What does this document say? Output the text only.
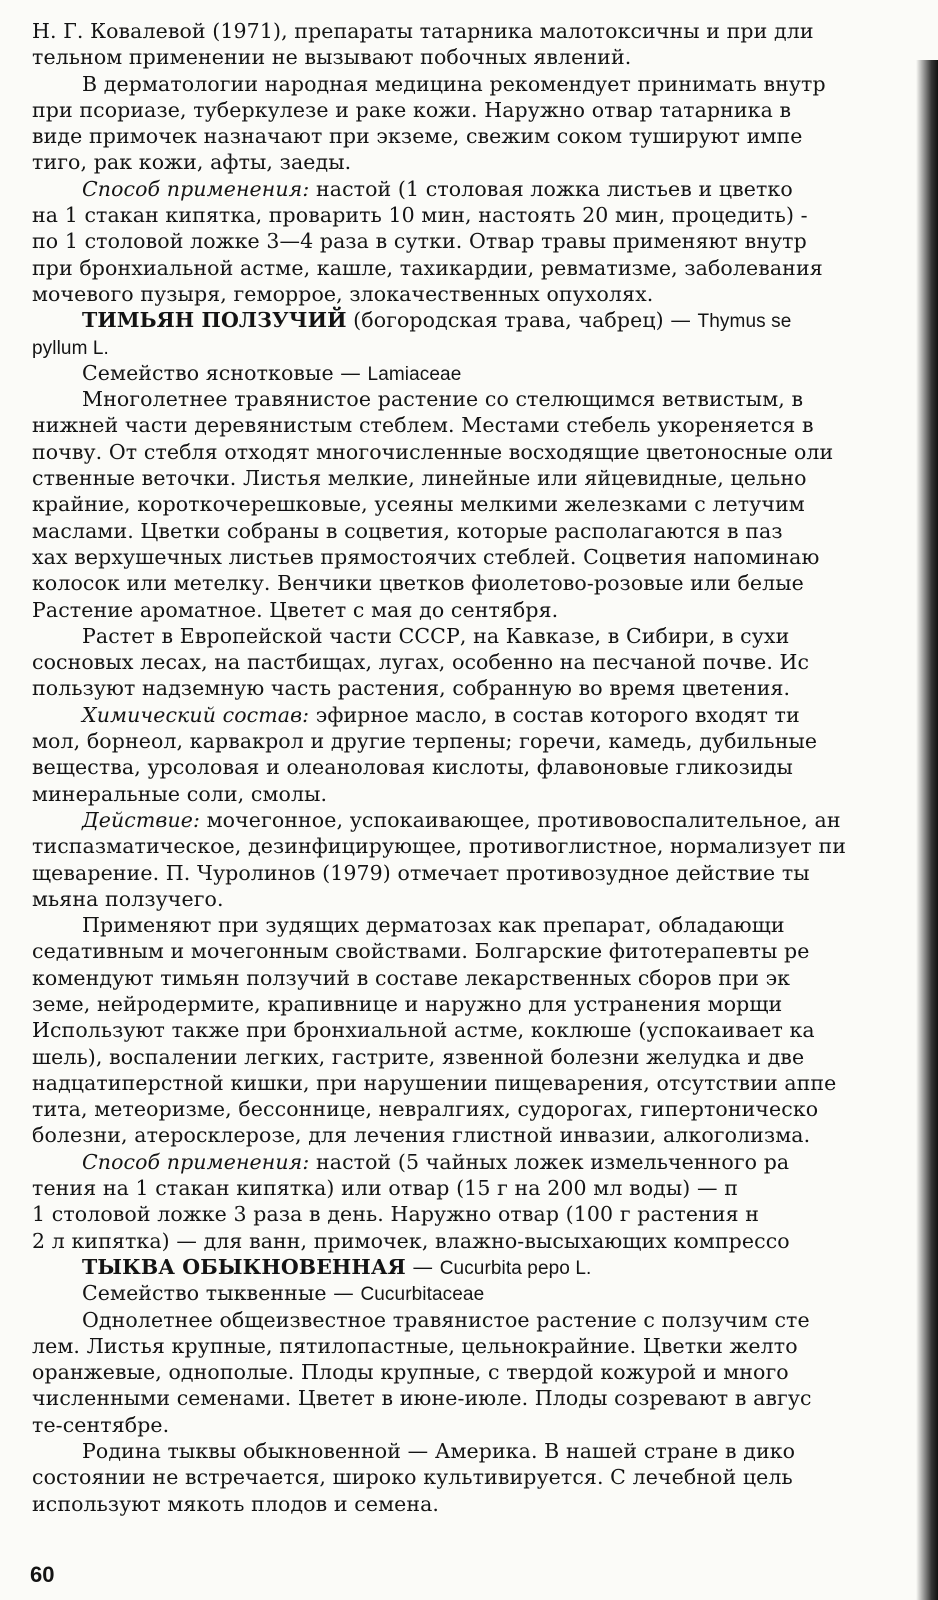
Н. Г. Ковалевой (1971), препараты татарника малотоксичны и при дли
тельном применении не вызывают побочных явлений.
В дерматологии народная медицина рекомендует принимать внутр
при псориазе, туберкулезе и раке кожи. Наружно отвар татарника в
виде примочек назначают при экземе, свежим соком тушируют импе
тиго, рак кожи, афты, заеды.
Способ применения: настой (1 столовая ложка листьев и цветко
на 1 стакан кипятка, проварить 10 мин, настоять 20 мин, процедить) -
по 1 столовой ложке 3—4 раза в сутки. Отвар травы применяют внутр
при бронхиальной астме, кашле, тахикардии, ревматизме, заболевания
мочевого пузыря, геморрое, злокачественных опухолях.
ТИМЬЯН ПОЛЗУЧИЙ (богородская трава, чабрец) — Thymus se
pyllum L.
Семейство яснотковые — Lamiaceae
Многолетнее травянистое растение со стелющимся ветвистым, в
нижней части деревянистым стеблем. Местами стебель укореняется в
почву. От стебля отходят многочисленные восходящие цветоносные оли
ственные веточки. Листья мелкие, линейные или яйцевидные, цельно
крайние, короткочерешковые, усеяны мелкими железками с летучим
маслами. Цветки собраны в соцветия, которые располагаются в паз
хах верхушечных листьев прямостоячих стеблей. Соцветия напоминаю
колосок или метелку. Венчики цветков фиолетово-розовые или белые
Растение ароматное. Цветет с мая до сентября.
Растет в Европейской части СССР, на Кавказе, в Сибири, в сухи
сосновых лесах, на пастбищах, лугах, особенно на песчаной почве. Ис
пользуют надземную часть растения, собранную во время цветения.
Химический состав: эфирное масло, в состав которого входят ти
мол, борнеол, карвакрол и другие терпены; горечи, камедь, дубильные
вещества, урсоловая и олеаноловая кислоты, флавоновые гликозиды
минеральные соли, смолы.
Действие: мочегонное, успокаивающее, противовоспалительное, ан
тиспазматическое, дезинфицирующее, противоглистное, нормализует пи
щеварение. П. Чуролинов (1979) отмечает противозудное действие ты
мьяна ползучего.
Применяют при зудящих дерматозах как препарат, обладающи
седативным и мочегонным свойствами. Болгарские фитотерапевты ре
комендуют тимьян ползучий в составе лекарственных сборов при эк
земе, нейродермите, крапивнице и наружно для устранения морщи
Используют также при бронхиальной астме, коклюше (успокаивает ка
шель), воспалении легких, гастрите, язвенной болезни желудка и две
надцатиперстной кишки, при нарушении пищеварения, отсутствии аппе
тита, метеоризме, бессоннице, невралгиях, судорогах, гипертоническо
болезни, атеросклерозе, для лечения глистной инвазии, алкоголизма.
Способ применения: настой (5 чайных ложек измельченного ра
тения на 1 стакан кипятка) или отвар (15 г на 200 мл воды) — п
1 столовой ложке 3 раза в день. Наружно отвар (100 г растения н
2 л кипятка) — для ванн, примочек, влажно-высыхающих компрессо
ТЫКВА ОБЫКНОВЕННАЯ — Cucurbita pepo L.
Семейство тыквенные — Cucurbitaceae
Однолетнее общеизвестное травянистое растение с ползучим сте
лем. Листья крупные, пятилопастные, цельнокрайние. Цветки желто
оранжевые, однополые. Плоды крупные, с твердой кожурой и много
численными семенами. Цветет в июне-июле. Плоды созревают в авгус
те-сентябре.
Родина тыквы обыкновенной — Америка. В нашей стране в дико
состоянии не встречается, широко культивируется. С лечебной цель
используют мякоть плодов и семена.
60
